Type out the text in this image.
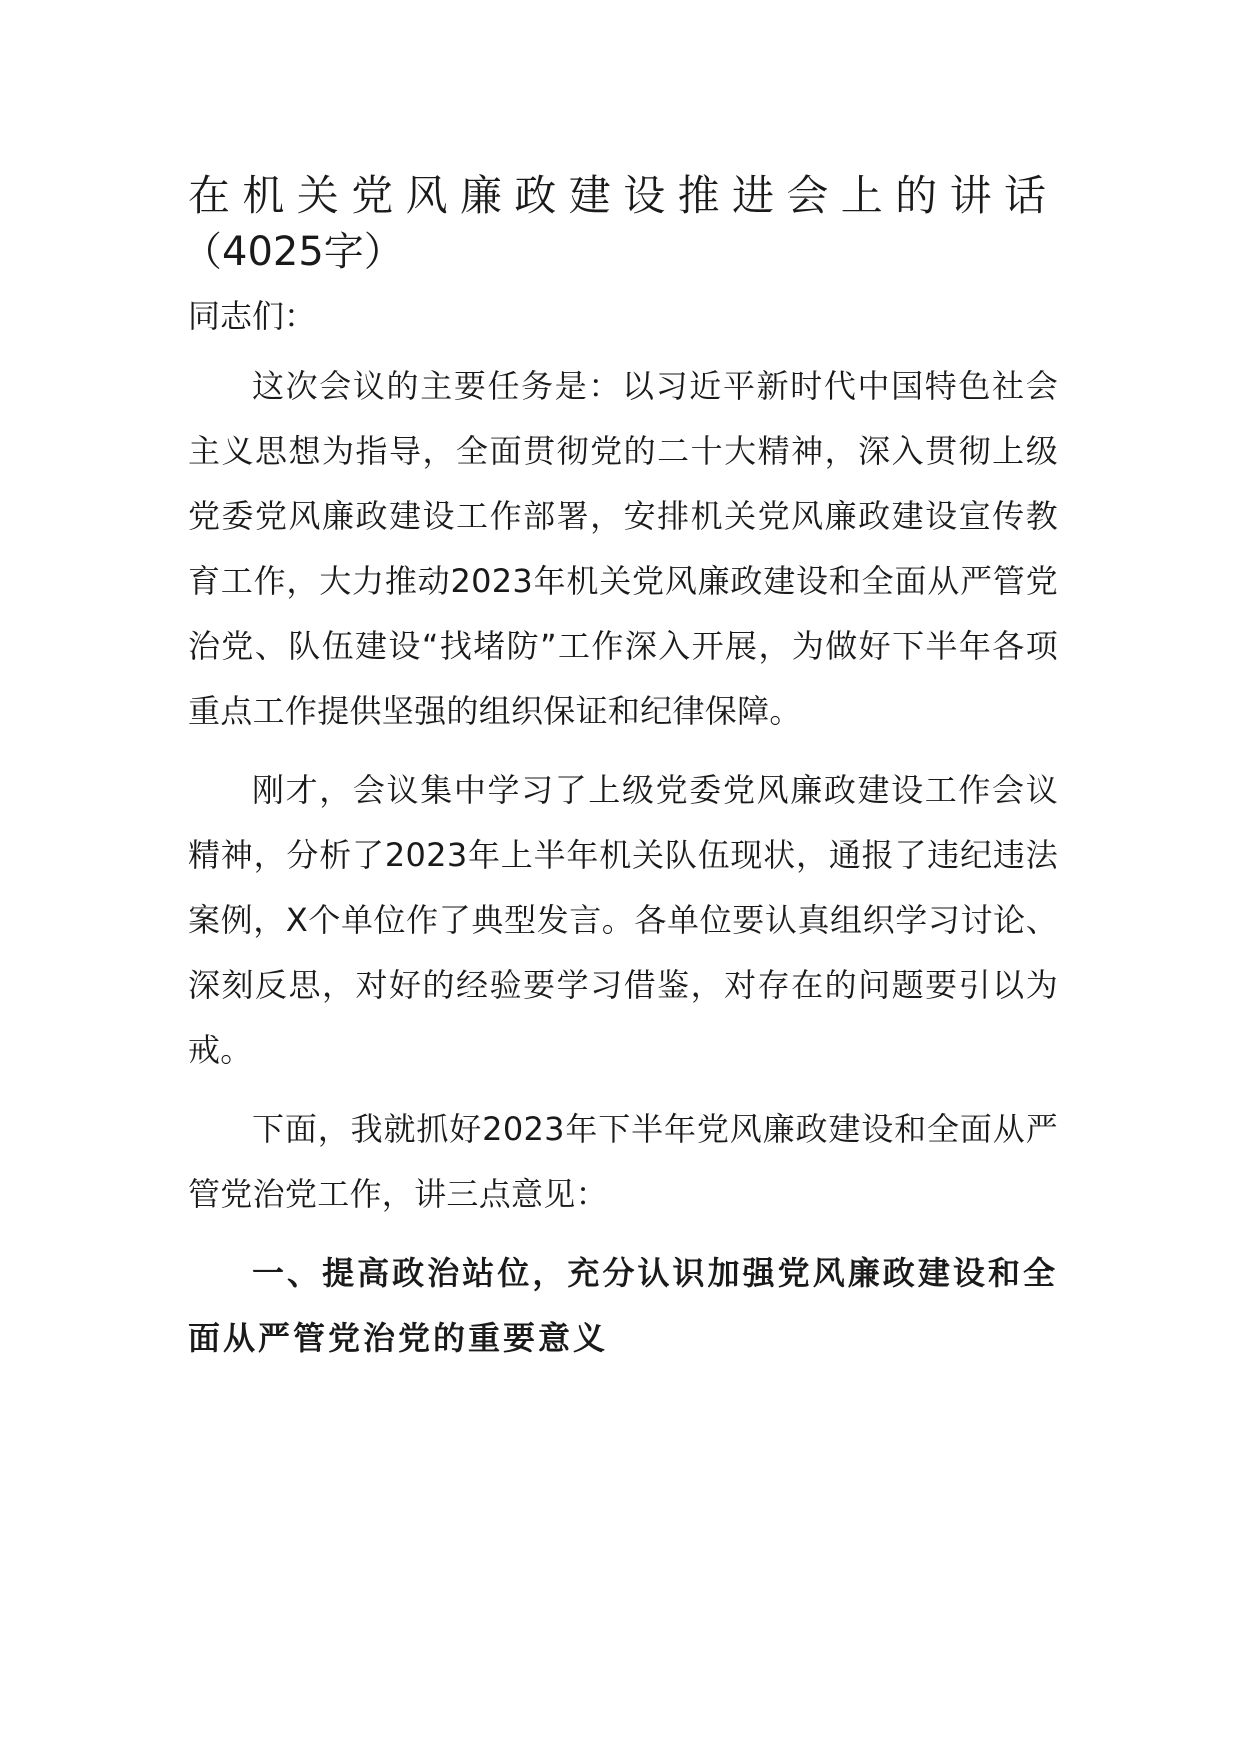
在机关党风廉政建设推进会上的讲话
（4025字）

同志们：

这次会议的主要任务是：以习近平新时代中国特色社会主义思想为指导，全面贯彻党的二十大精神，深入贯彻上级党委党风廉政建设工作部署，安排机关党风廉政建设宣传教育工作，大力推动2023年机关党风廉政建设和全面从严管党治党、队伍建设“找堵防”工作深入开展，为做好下半年各项重点工作提供坚强的组织保证和纪律保障。

刚才，会议集中学习了上级党委党风廉政建设工作会议精神，分析了2023年上半年机关队伍现状，通报了违纪违法案例，X个单位作了典型发言。各单位要认真组织学习讨论、深刻反思，对好的经验要学习借鉴，对存在的问题要引以为戒。

下面，我就抓好2023年下半年党风廉政建设和全面从严管党治党工作，讲三点意见：

一、提高政治站位，充分认识加强党风廉政建设和全面从严管党治党的重要意义
